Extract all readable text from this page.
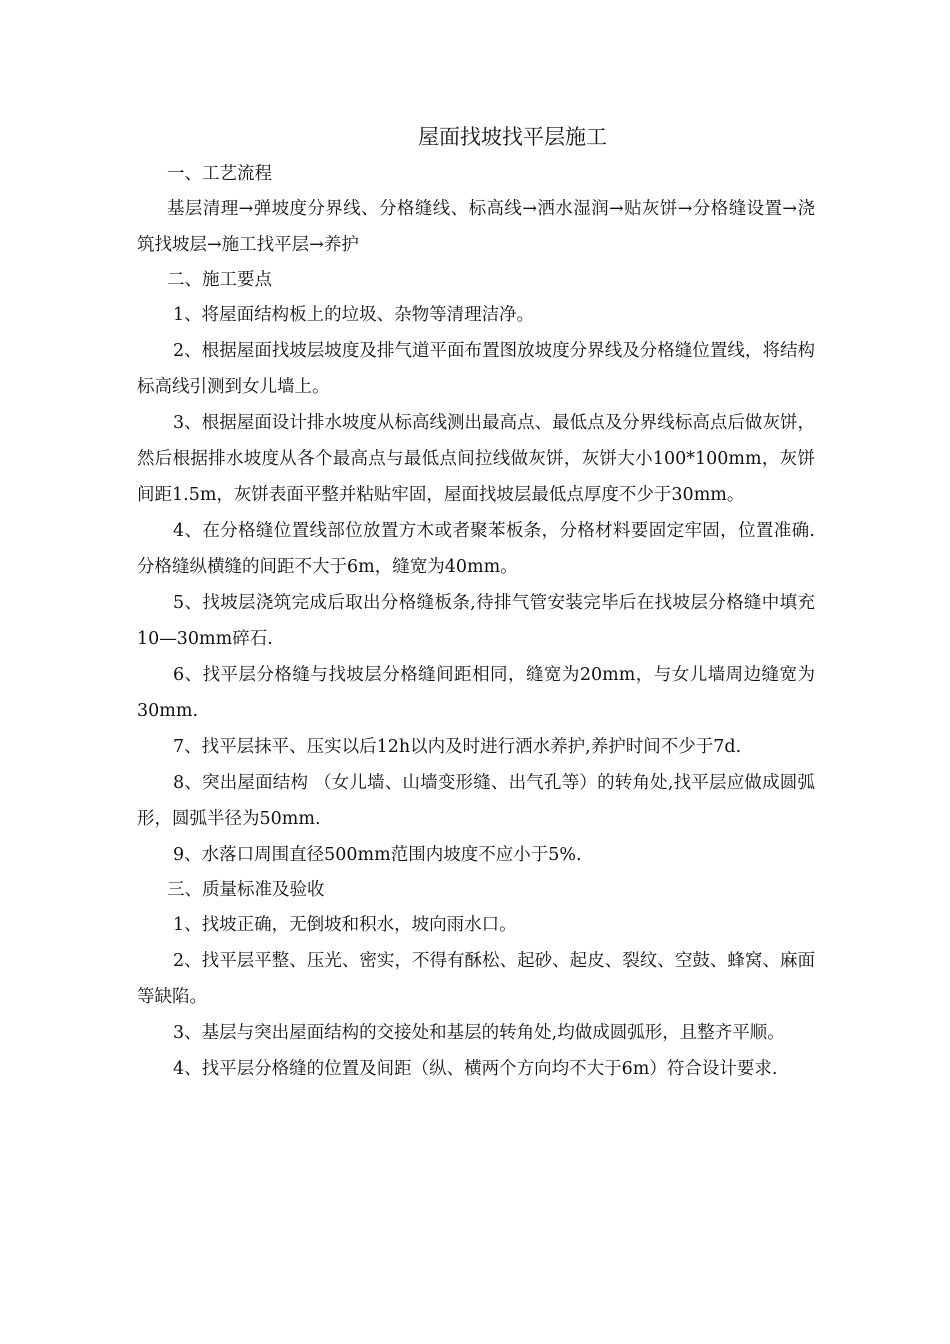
屋面找坡找平层施工

一、工艺流程

基层清理→弹坡度分界线、分格缝线、标高线→洒水湿润→贴灰饼→分格缝设置→浇筑找坡层→施工找平层→养护

二、施工要点

1、将屋面结构板上的垃圾、杂物等清理洁净。

2、根据屋面找坡层坡度及排气道平面布置图放坡度分界线及分格缝位置线，将结构标高线引测到女儿墙上。

3、根据屋面设计排水坡度从标高线测出最高点、最低点及分界线标高点后做灰饼，然后根据排水坡度从各个最高点与最低点间拉线做灰饼，灰饼大小100*100mm，灰饼间距1.5m，灰饼表面平整并粘贴牢固，屋面找坡层最低点厚度不少于30mm。

4、在分格缝位置线部位放置方木或者聚苯板条，分格材料要固定牢固，位置准确.分格缝纵横缝的间距不大于6m，缝宽为40mm。

5、找坡层浇筑完成后取出分格缝板条,待排气管安装完毕后在找坡层分格缝中填充10—30mm碎石.

6、找平层分格缝与找坡层分格缝间距相同，缝宽为20mm，与女儿墙周边缝宽为30mm.

7、找平层抹平、压实以后12h以内及时进行洒水养护,养护时间不少于7d.

8、突出屋面结构 （女儿墙、山墙变形缝、出气孔等）的转角处,找平层应做成圆弧形，圆弧半径为50mm.

9、水落口周围直径500mm范围内坡度不应小于5%.

三、质量标准及验收

1、找坡正确，无倒坡和积水，坡向雨水口。

2、找平层平整、压光、密实，不得有酥松、起砂、起皮、裂纹、空鼓、蜂窝、麻面等缺陷。

3、基层与突出屋面结构的交接处和基层的转角处,均做成圆弧形，且整齐平顺。

4、找平层分格缝的位置及间距（纵、横两个方向均不大于6m）符合设计要求.
